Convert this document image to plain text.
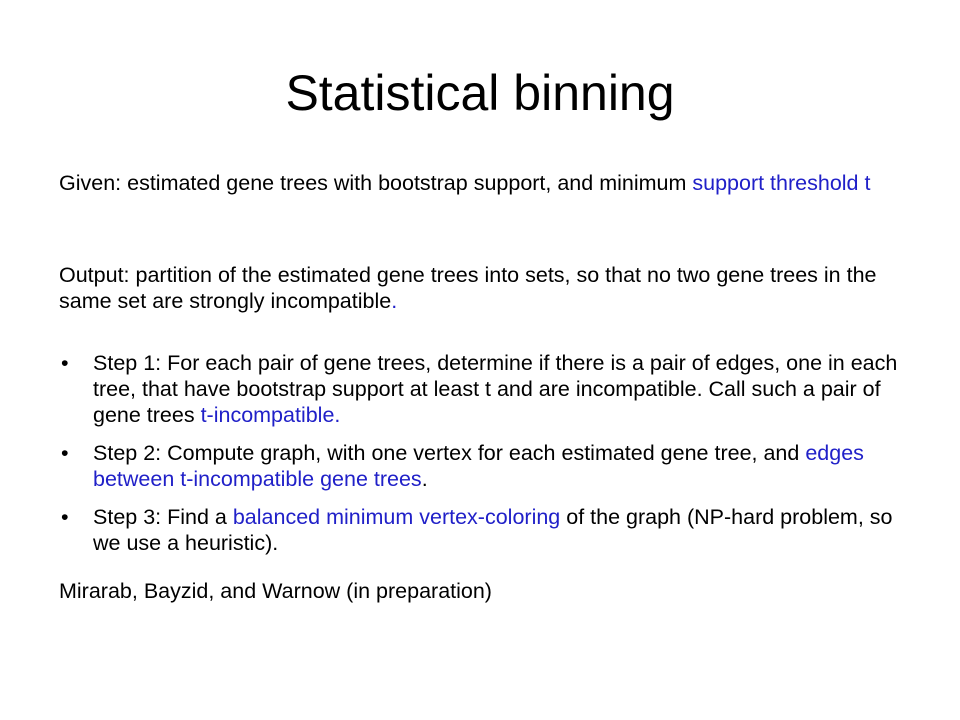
Statistical binning

Given: estimated gene trees with bootstrap support, and minimum support threshold t

Output: partition of the estimated gene trees into sets, so that no two gene trees in the same set are strongly incompatible.

• Step 1: For each pair of gene trees, determine if there is a pair of edges, one in each tree, that have bootstrap support at least t and are incompatible. Call such a pair of gene trees t-incompatible.
• Step 2: Compute graph, with one vertex for each estimated gene tree, and edges between t-incompatible gene trees.
• Step 3: Find a balanced minimum vertex-coloring of the graph (NP-hard problem, so we use a heuristic).

Mirarab, Bayzid, and Warnow (in preparation)
